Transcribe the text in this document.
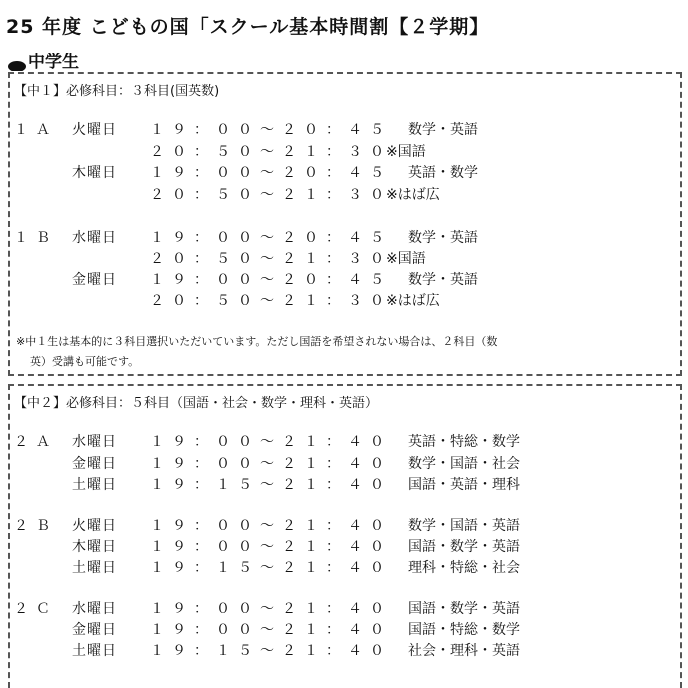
25 年度 こどもの国「スクール基本時間割【２学期】
中学生
【中１】必修科目：３科目(国英数)
１Ａ 火曜日 １９：００～２０：４５ 数学・英語
２０：５０～２１：３０
※国語
木曜日 １９：００～２０：４５ 英語・数学
２０：５０～２１：３０
※はば広
１Ｂ 水曜日 １９：００～２０：４５ 数学・英語
２０：５０～２１：３０
※国語
金曜日 １９：００～２０：４５ 数学・英語
２０：５０～２１：３０
※はば広
※中１生は基本的に３科目選択いただいています。ただし国語を希望されない場合は、２科目（数
英）受講も可能です。
【中２】必修科目：５科目（国語・社会・数学・理科・英語）
２Ａ 水曜日 １９：００～２１：４０ 英語・特総・数学
金曜日 １９：００～２１：４０ 数学・国語・社会
土曜日 １９：１５～２１：４０ 国語・英語・理科
２Ｂ 火曜日 １９：００～２１：４０ 数学・国語・英語
木曜日 １９：００～２１：４０ 国語・数学・英語
土曜日 １９：１５～２１：４０ 理科・特総・社会
２Ｃ 水曜日 １９：００～２１：４０ 国語・数学・英語
金曜日 １９：００～２１：４０ 国語・特総・数学
土曜日 １９：１５～２１：４０ 社会・理科・英語
